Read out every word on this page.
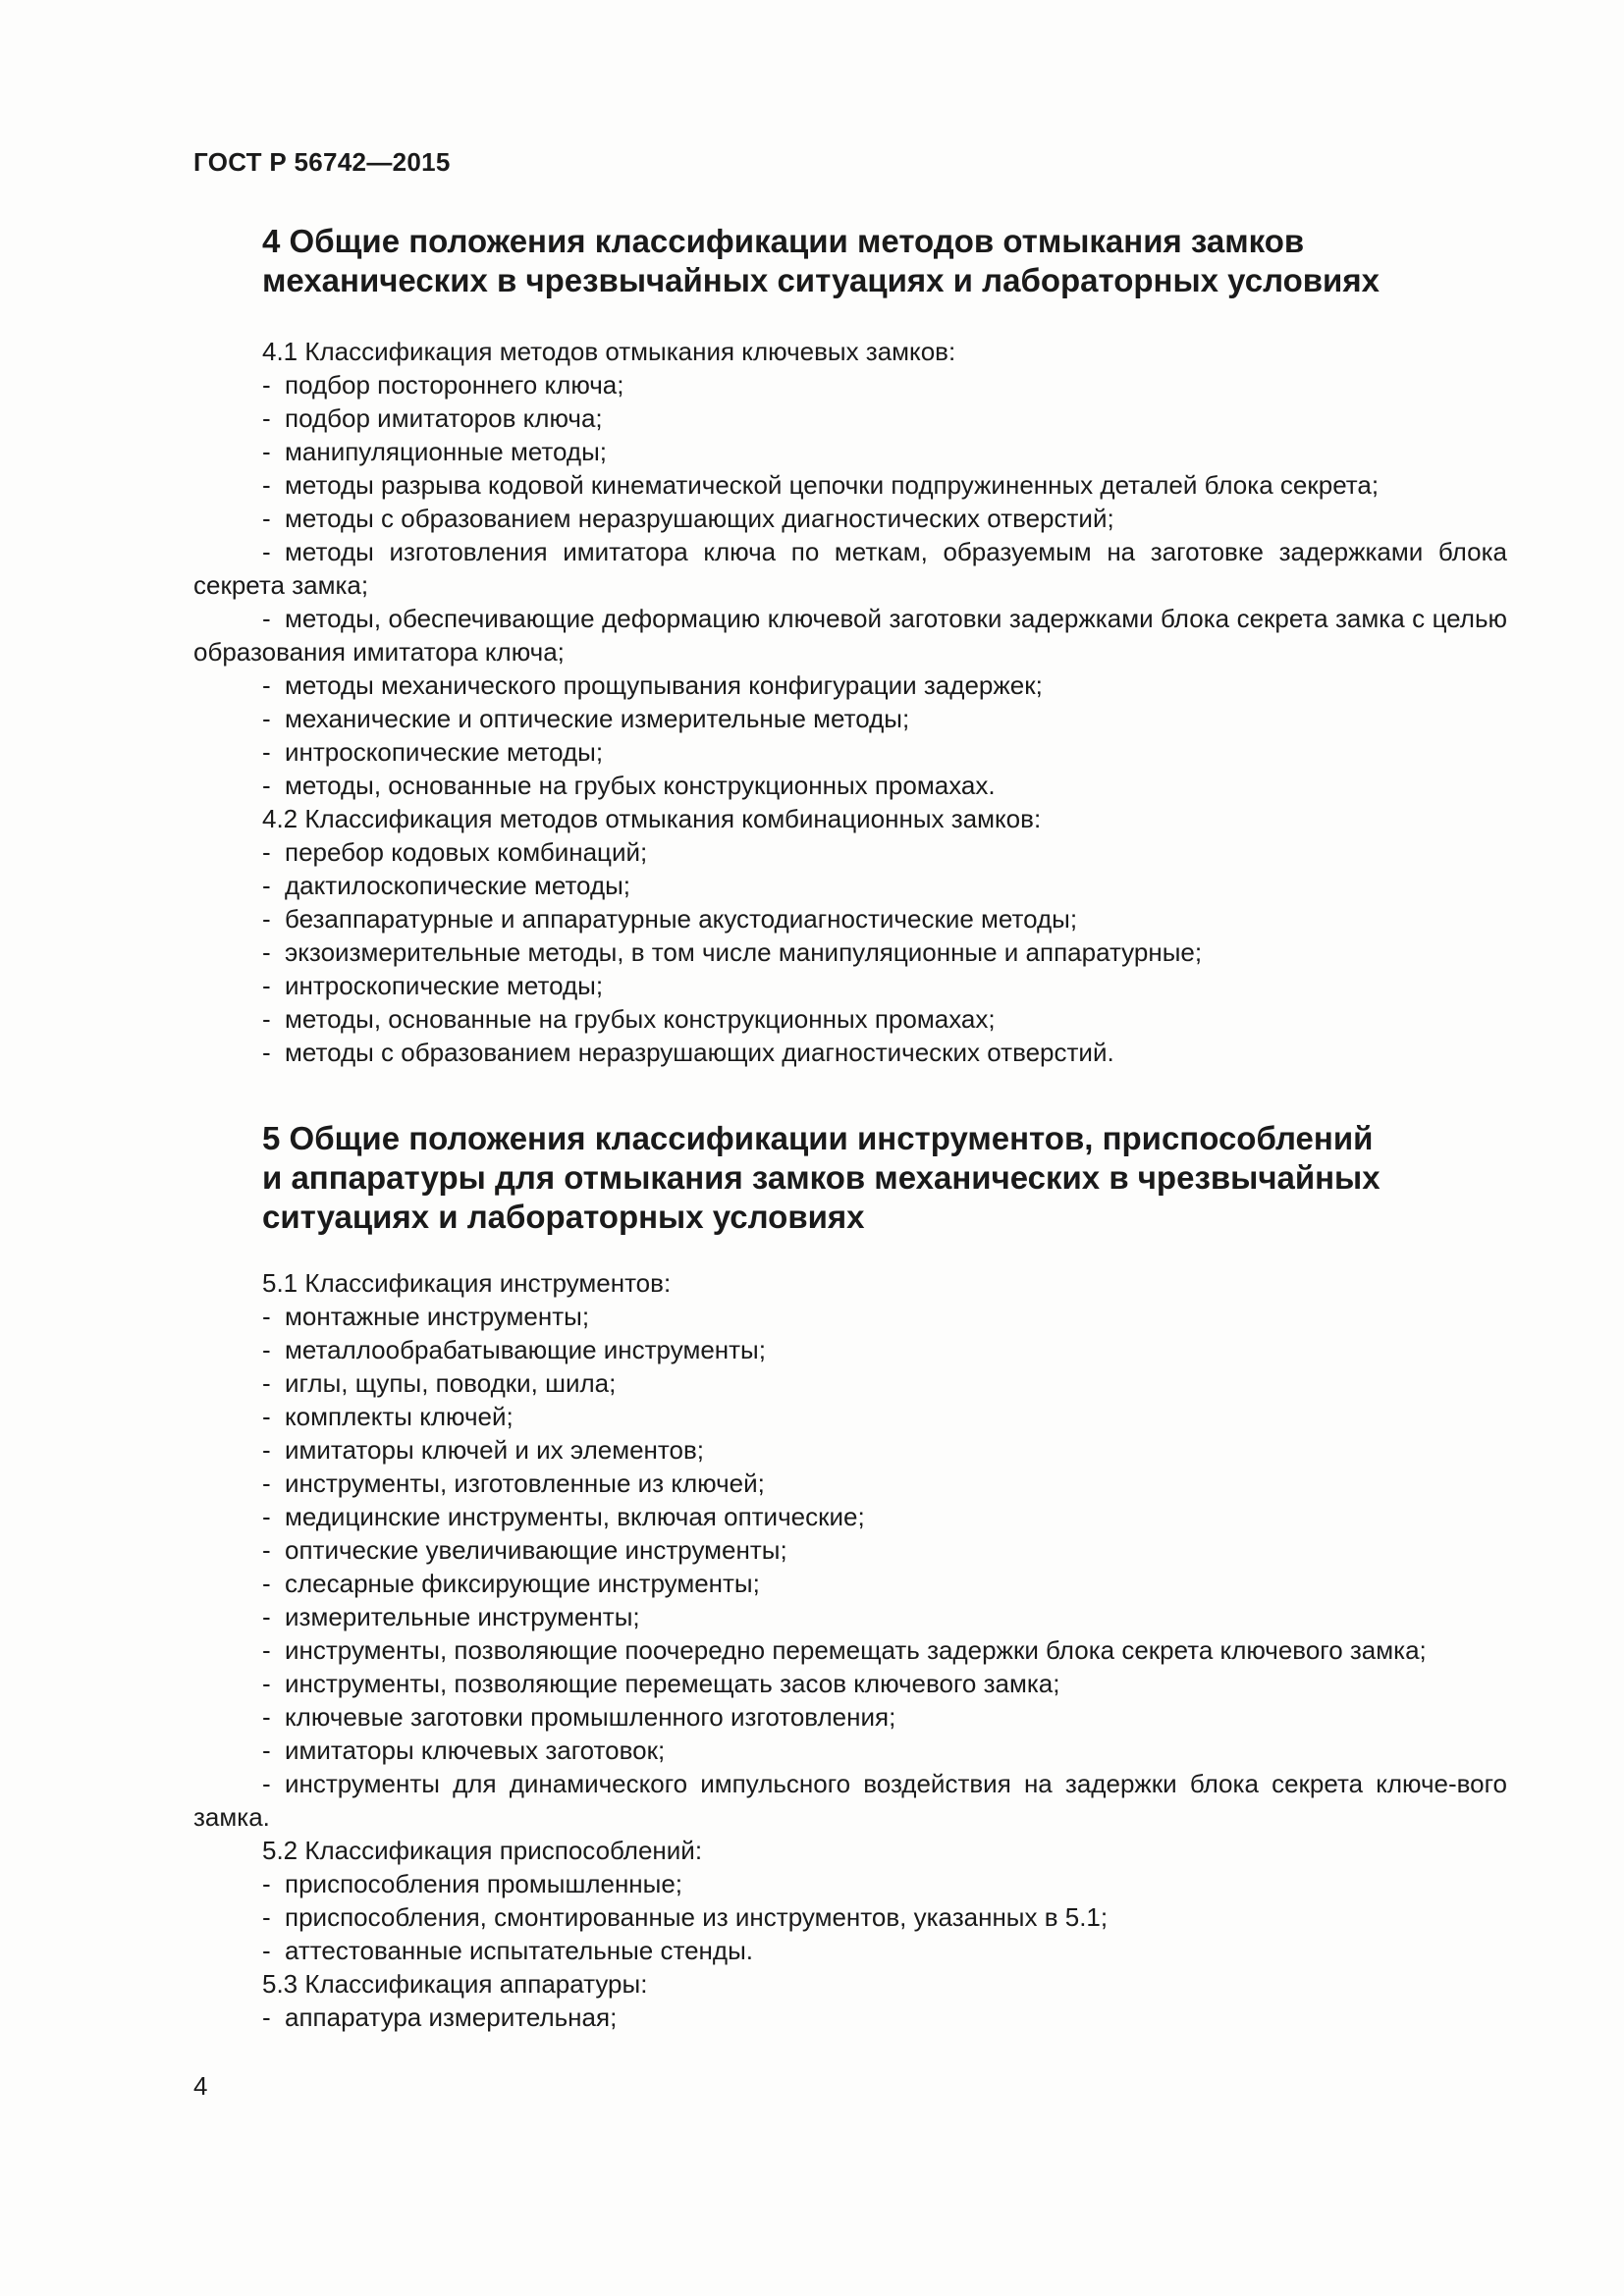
ГОСТ Р 56742—2015
4 Общие положения классификации методов отмыкания замков
механических в чрезвычайных ситуациях и лабораторных условиях
4.1 Классификация методов отмыкания ключевых замков:
- подбор постороннего ключа;
- подбор имитаторов ключа;
- манипуляционные методы;
- методы разрыва кодовой кинематической цепочки подпружиненных деталей блока секрета;
- методы с образованием неразрушающих диагностических отверстий;
- методы изготовления имитатора ключа по меткам, образуемым на заготовке задержками блока секрета замка;
- методы, обеспечивающие деформацию ключевой заготовки задержками блока секрета замка с целью образования имитатора ключа;
- методы механического прощупывания конфигурации задержек;
- механические и оптические измерительные методы;
- интроскопические методы;
- методы, основанные на грубых конструкционных промахах.
4.2 Классификация методов отмыкания комбинационных замков:
- перебор кодовых комбинаций;
- дактилоскопические методы;
- безаппаратурные и аппаратурные акустодиагностические методы;
- экзоизмерительные методы, в том числе манипуляционные и аппаратурные;
- интроскопические методы;
- методы, основанные на грубых конструкционных промахах;
- методы с образованием неразрушающих диагностических отверстий.
5 Общие положения классификации инструментов, приспособлений
и аппаратуры для отмыкания замков механических в чрезвычайных
ситуациях и лабораторных условиях
5.1 Классификация инструментов:
- монтажные инструменты;
- металлообрабатывающие инструменты;
- иглы, щупы, поводки, шила;
- комплекты ключей;
- имитаторы ключей и их элементов;
- инструменты, изготовленные из ключей;
- медицинские инструменты, включая оптические;
- оптические увеличивающие инструменты;
- слесарные фиксирующие инструменты;
- измерительные инструменты;
- инструменты, позволяющие поочередно перемещать задержки блока секрета ключевого замка;
- инструменты, позволяющие перемещать засов ключевого замка;
- ключевые заготовки промышленного изготовления;
- имитаторы ключевых заготовок;
- инструменты для динамического импульсного воздействия на задержки блока секрета ключе-вого замка.
5.2 Классификация приспособлений:
- приспособления промышленные;
- приспособления, смонтированные из инструментов, указанных в 5.1;
- аттестованные испытательные стенды.
5.3 Классификация аппаратуры:
- аппаратура измерительная;
4
